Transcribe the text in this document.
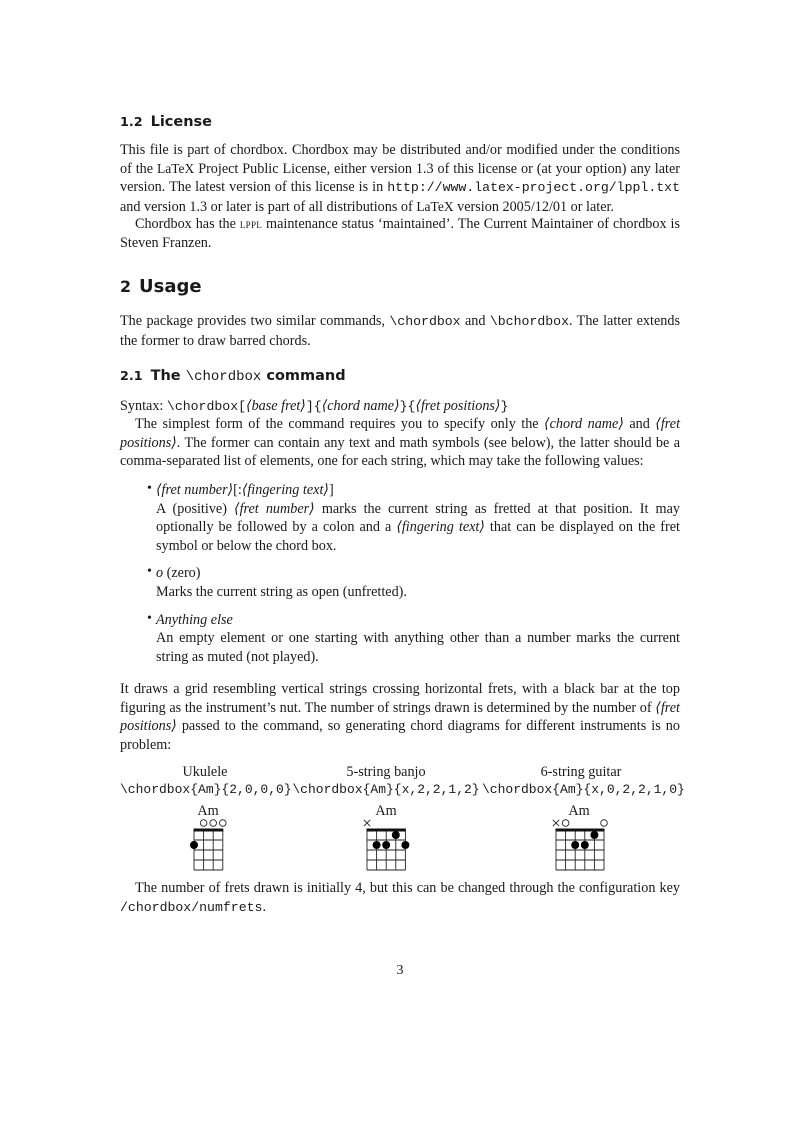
1.2 License

This file is part of chordbox. Chordbox may be distributed and/or modified under the conditions of the LaTeX Project Public License, either version 1.3 of this license or (at your option) any later version. The latest version of this license is in http://www.latex-project.org/lppl.txt and version 1.3 or later is part of all distributions of LaTeX version 2005/12/01 or later.

Chordbox has the lppl maintenance status ‘maintained’. The Current Maintainer of chordbox is Steven Franzen.

2 Usage

The package provides two similar commands, \chordbox and \bchordbox. The latter extends the former to draw barred chords.

2.1 The \chordbox command

Syntax: \chordbox[⟨base fret⟩]{⟨chord name⟩}{⟨fret positions⟩}

The simplest form of the command requires you to specify only the ⟨chord name⟩ and ⟨fret positions⟩. The former can contain any text and math symbols (see below), the latter should be a comma-separated list of elements, one for each string, which may take the following values:

• ⟨fret number⟩[:⟨fingering text⟩]

A (positive) ⟨fret number⟩ marks the current string as fretted at that position. It may optionally be followed by a colon and a ⟨fingering text⟩ that can be displayed on the fret symbol or below the chord box.

• o (zero)

Marks the current string as open (unfretted).

• Anything else

An empty element or one starting with anything other than a number marks the current string as muted (not played).

It draws a grid resembling vertical strings crossing horizontal frets, with a black bar at the top figuring as the instrument’s nut. The number of strings drawn is determined by the number of ⟨fret positions⟩ passed to the command, so generating chord diagrams for different instruments is no problem:

The number of frets drawn is initially 4, but this can be changed through the configuration key /chordbox/numfrets.

Ukulele
\chordbox{Am}{2,0,0,0}
5-string banjo
\chordbox{Am}{x,2,2,1,2}
6-string guitar
\chordbox{Am}{x,0,2,2,1,0}
Am	Am	Am
3
